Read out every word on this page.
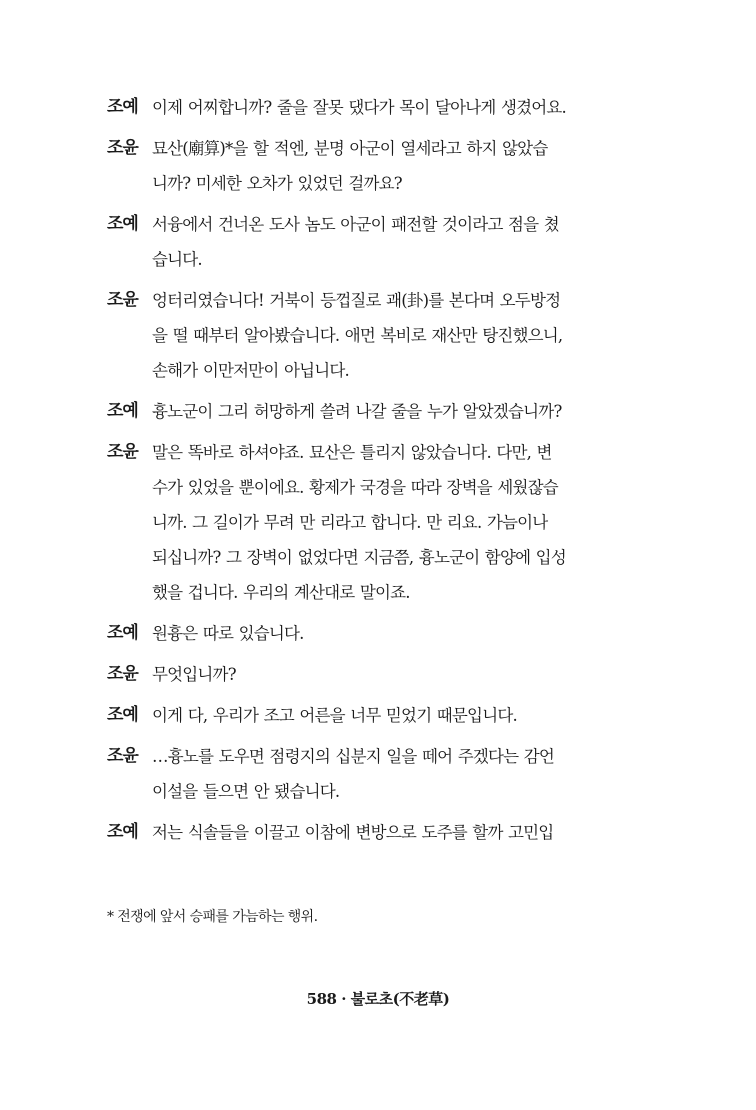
조예 이제 어찌합니까? 줄을 잘못 댔다가 목이 달아나게 생겼어요.
조윤 묘산(廟算)*을 할 적엔, 분명 아군이 열세라고 하지 않았습
니까? 미세한 오차가 있었던 걸까요?
조예 서융에서 건너온 도사 놈도 아군이 패전할 것이라고 점을 쳤
습니다.
조윤 엉터리였습니다! 거북이 등껍질로 괘(卦)를 본다며 오두방정
을 떨 때부터 알아봤습니다. 애먼 복비로 재산만 탕진했으니,
손해가 이만저만이 아닙니다.
조예 흉노군이 그리 허망하게 쓸려 나갈 줄을 누가 알았겠습니까?
조윤 말은 똑바로 하셔야죠. 묘산은 틀리지 않았습니다. 다만, 변
수가 있었을 뿐이에요. 황제가 국경을 따라 장벽을 세웠잖습
니까. 그 길이가 무려 만 리라고 합니다. 만 리요. 가늠이나
되십니까? 그 장벽이 없었다면 지금쯤, 흉노군이 함양에 입성
했을 겁니다. 우리의 계산대로 말이죠.
조예 원흉은 따로 있습니다.
조윤 무엇입니까?
조예 이게 다, 우리가 조고 어른을 너무 믿었기 때문입니다.
조윤 …흉노를 도우면 점령지의 십분지 일을 떼어 주겠다는 감언
이설을 들으면 안 됐습니다.
조예 저는 식솔들을 이끌고 이참에 변방으로 도주를 할까 고민입
* 전쟁에 앞서 승패를 가늠하는 행위.
588 · 불로초(不老草)
